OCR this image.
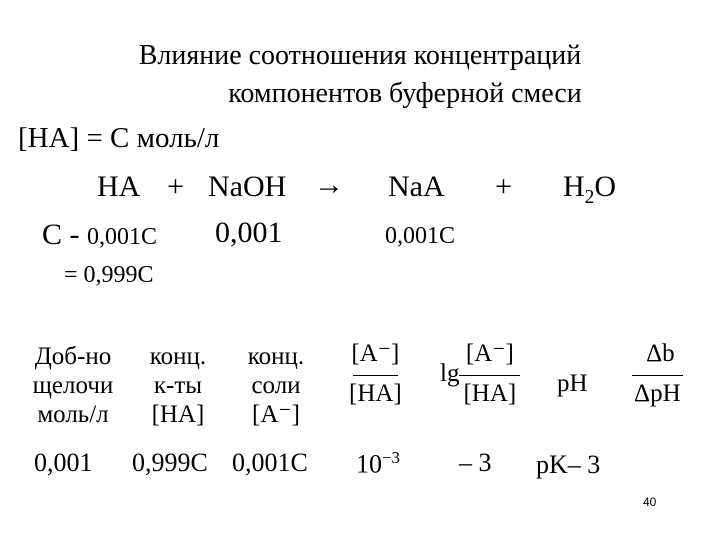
Влияние соотношения концентраций
компонентов буферной смеси
[HA] = C моль/л
HA + NaOH → NaA + $H_2O$
C - 0,001C 0,001	0,001C
= 0,999C
Доб-но
щелочи
моль/л
конц.
к-ты
[HA]
конц.
соли
[A⁻]
$\frac{[A^-]}{[HA]}$ $\lg \frac{[A^-]}{[HA]}$ pH $\frac{\Delta b}{\text{ΔpH}}$
0,001 0,999C 0,001C $10^{-3} - 3$ pK– 3
40
